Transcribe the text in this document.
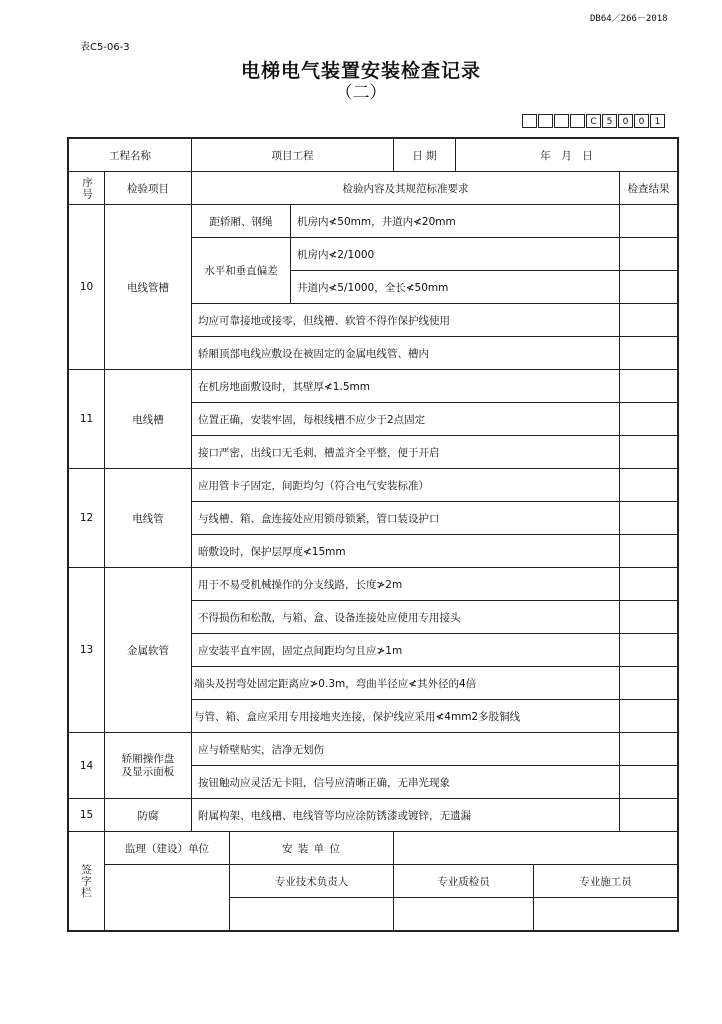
DB64／266－2018
表C5-06-3
电梯电气装置安装检查记录
（二）
C	5	0	0	1
工程名称		项目工程			日 期	年　月　日		
序号	检验项目	检验内容及其规范标准要求						检查结果
10	电线管槽	距轿厢、钢绳		机房内≮50mm，井道内≮20mm				
		水平和垂直偏差		机房内≮2/1000				
				井道内≮5/1000，全长≮50mm				
		均应可靠接地或接零，但线槽、软管不得作保护线使用						
		轿厢顶部电线应敷设在被固定的金属电线管、槽内						
11	电线槽	在机房地面敷设时，其壁厚≮1.5mm						
		位置正确，安装牢固，每根线槽不应少于2点固定						
		接口严密，出线口无毛刺，槽盖齐全平整，便于开启						
12	电线管	应用管卡子固定，间距均匀（符合电气安装标准）						
		与线槽、箱、盒连接处应用锁母锁紧，管口装设护口						
		暗敷设时，保护层厚度≮15mm						
13	金属软管	用于不易受机械操作的分支线路，长度≯2m						
		不得损伤和松散，与箱、盒、设备连接处应使用专用接头						
		应安装平直牢固，固定点间距均匀且应≯1m						
		端头及拐弯处固定距离应≯0.3m，弯曲半径应≮其外径的4倍						
		与管、箱、盒应采用专用接地夹连接，保护线应采用≮4mm2多股铜线						
14	轿厢操作盘及显示面板	应与轿壁贴实，洁净无划伤						
		按钮触动应灵活无卡阻，信号应清晰正确，无串光现象						
15	防腐	附属构架、电线槽、电线管等均应涂防锈漆或镀锌，无遗漏						
签字栏	监理（建设）单位		安 装 单 位					
			专业技术负责人		专业质检员		专业施工员	
